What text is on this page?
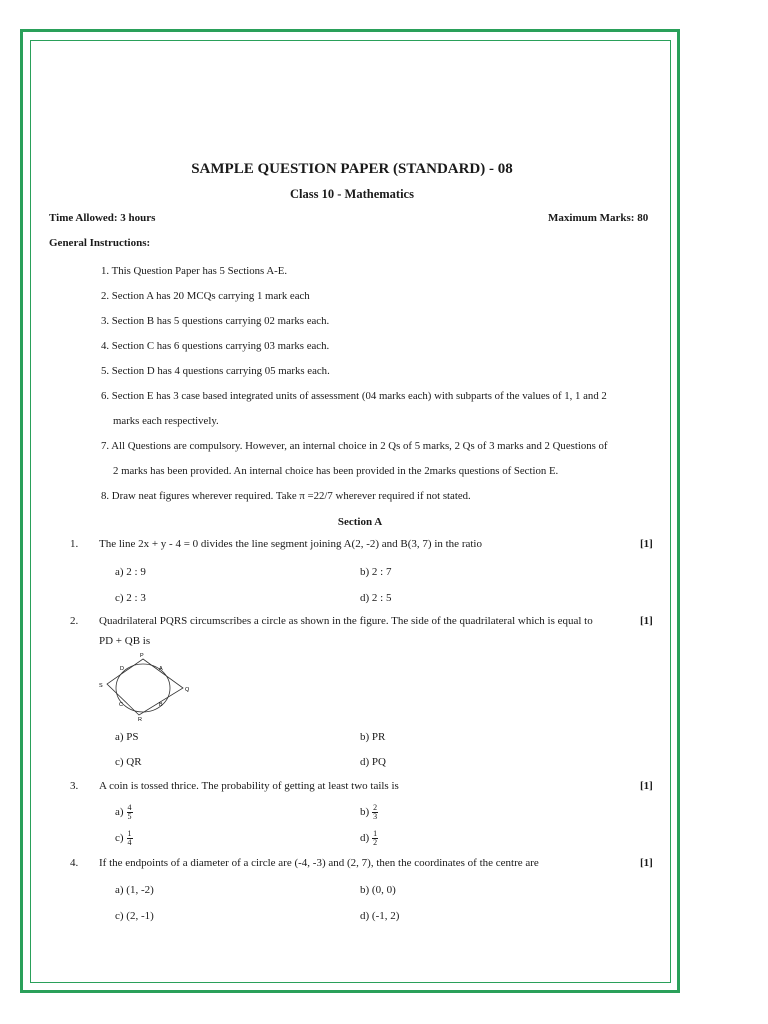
SAMPLE QUESTION PAPER (STANDARD) - 08
Class 10 - Mathematics
Time Allowed: 3 hours	Maximum Marks: 80
General Instructions:
1. This Question Paper has 5 Sections A-E.
2. Section A has 20 MCQs carrying 1 mark each
3. Section B has 5 questions carrying 02 marks each.
4. Section C has 6 questions carrying 03 marks each.
5. Section D has 4 questions carrying 05 marks each.
6. Section E has 3 case based integrated units of assessment (04 marks each) with subparts of the values of 1, 1 and 2
marks each respectively.
7. All Questions are compulsory. However, an internal choice in 2 Qs of 5 marks, 2 Qs of 3 marks and 2 Questions of
2 marks has been provided. An internal choice has been provided in the 2marks questions of Section E.
8. Draw neat figures wherever required. Take π =22/7 wherever required if not stated.
Section A
1. The line 2x + y - 4 = 0 divides the line segment joining A(2, -2) and B(3, 7) in the ratio	[1]
a) 2 : 9	b) 2 : 7
c) 2 : 3	d) 2 : 5
2. Quadrilateral PQRS circumscribes a circle as shown in the figure. The side of the quadrilateral which is equal to	[1]
PD + QB is
P
Q
R
S
A
B
C
D
a) PS	b) PR
c) QR	d) PQ
3. A coin is tossed thrice. The probability of getting at least two tails is	[1]
$a) \frac{4}{5}$	$b) \frac{2}{3}$
$c) \frac{1}{4}$	$d) \frac{1}{2}$
4. If the endpoints of a diameter of a circle are (-4, -3) and (2, 7), then the coordinates of the centre are	[1]
a) (1, -2)	b) (0, 0)
c) (2, -1)	d) (-1, 2)
